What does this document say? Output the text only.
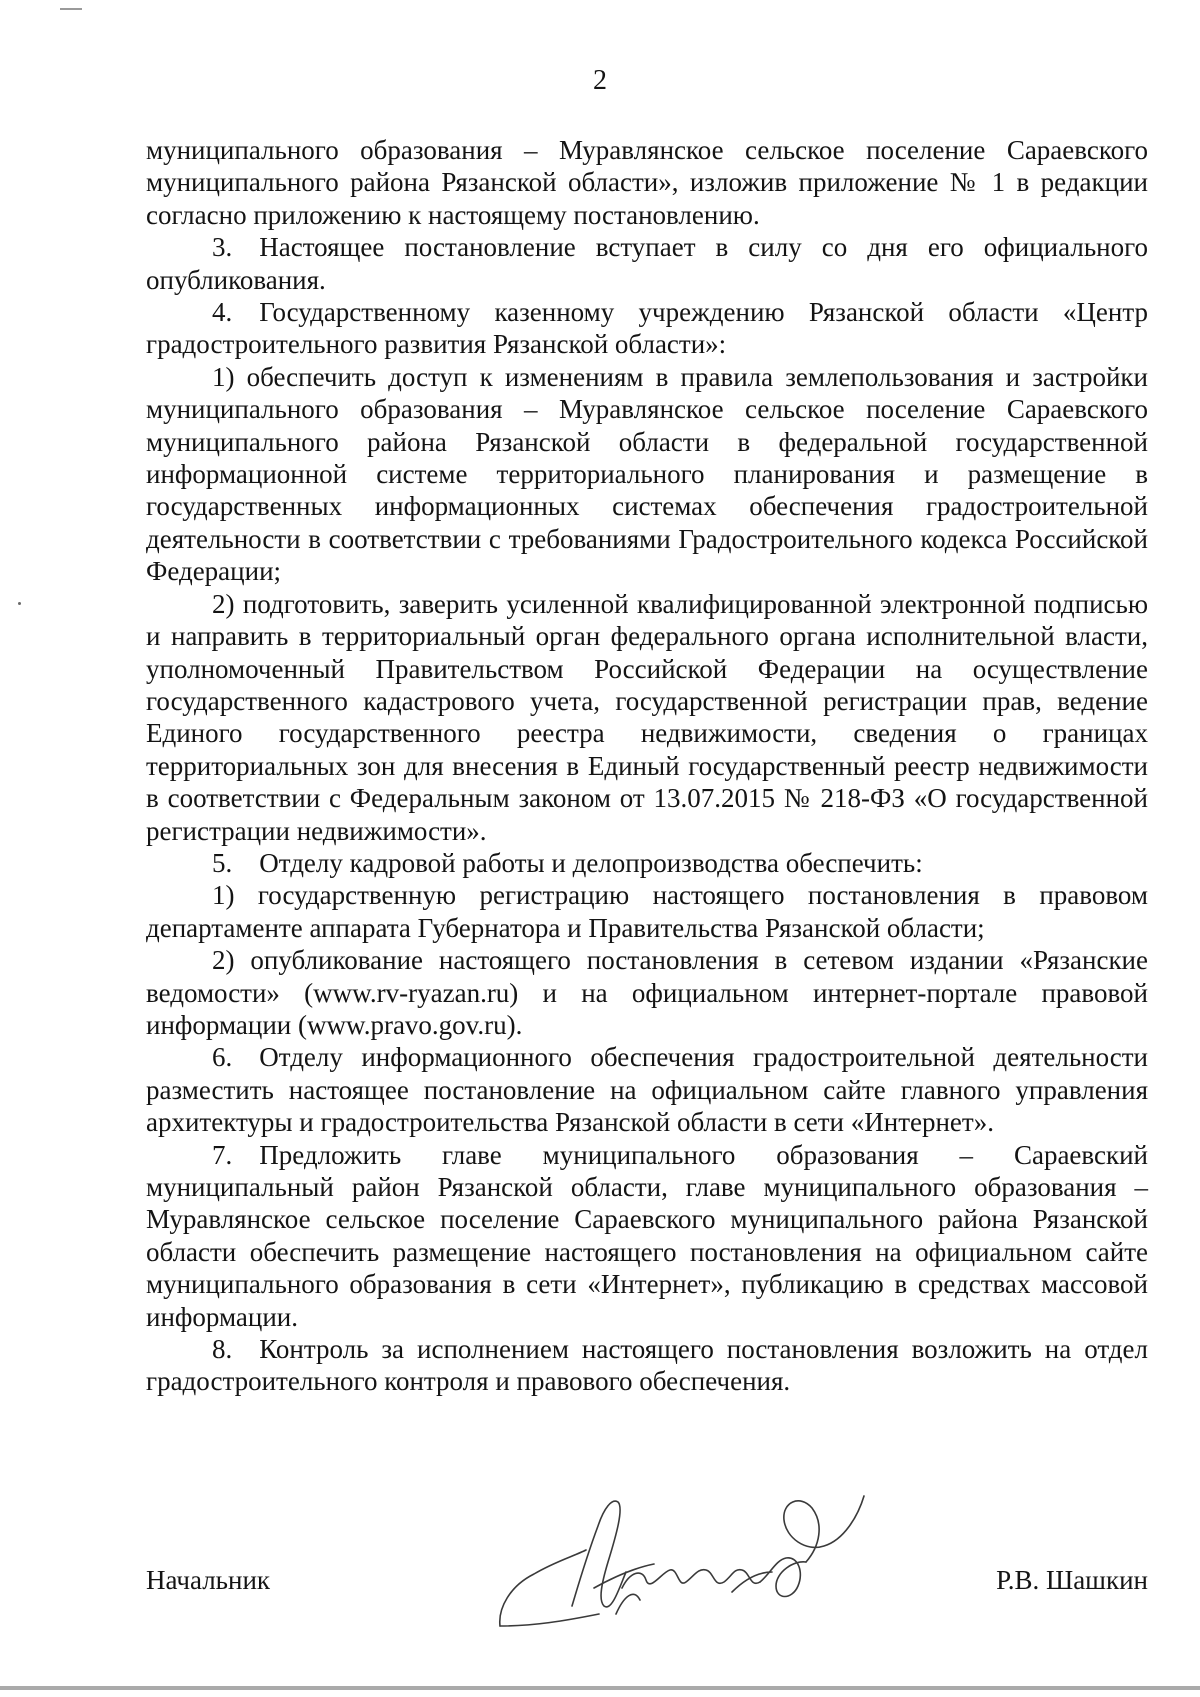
2

муниципального образования – Муравлянское сельское поселение Сараевского муниципального района Рязанской области», изложив приложение № 1 в редакции согласно приложению к настоящему постановлению.

3. Настоящее постановление вступает в силу со дня его официального опубликования.

4. Государственному казенному учреждению Рязанской области «Центр градостроительного развития Рязанской области»:

1) обеспечить доступ к изменениям в правила землепользования и застройки муниципального образования – Муравлянское сельское поселение Сараевского муниципального района Рязанской области в федеральной государственной информационной системе территориального планирования и размещение в государственных информационных системах обеспечения градостроительной деятельности в соответствии с требованиями Градостроительного кодекса Российской Федерации;

2) подготовить, заверить усиленной квалифицированной электронной подписью и направить в территориальный орган федерального органа исполнительной власти, уполномоченный Правительством Российской Федерации на осуществление государственного кадастрового учета, государственной регистрации прав, ведение Единого государственного реестра недвижимости, сведения о границах территориальных зон для внесения в Единый государственный реестр недвижимости в соответствии с Федеральным законом от 13.07.2015 № 218-ФЗ «О государственной регистрации недвижимости».

5. Отделу кадровой работы и делопроизводства обеспечить:

1) государственную регистрацию настоящего постановления в правовом департаменте аппарата Губернатора и Правительства Рязанской области;

2) опубликование настоящего постановления в сетевом издании «Рязанские ведомости» (www.rv-ryazan.ru) и на официальном интернет-портале правовой информации (www.pravo.gov.ru).

6. Отделу информационного обеспечения градостроительной деятельности разместить настоящее постановление на официальном сайте главного управления архитектуры и градостроительства Рязанской области в сети «Интернет».

7. Предложить главе муниципального образования – Сараевский муниципальный район Рязанской области, главе муниципального образования – Муравлянское сельское поселение Сараевского муниципального района Рязанской области обеспечить размещение настоящего постановления на официальном сайте муниципального образования в сети «Интернет», публикацию в средствах массовой информации.

8. Контроль за исполнением настоящего постановления возложить на отдел градостроительного контроля и правового обеспечения.

Начальник	Р.В. Шашкин
